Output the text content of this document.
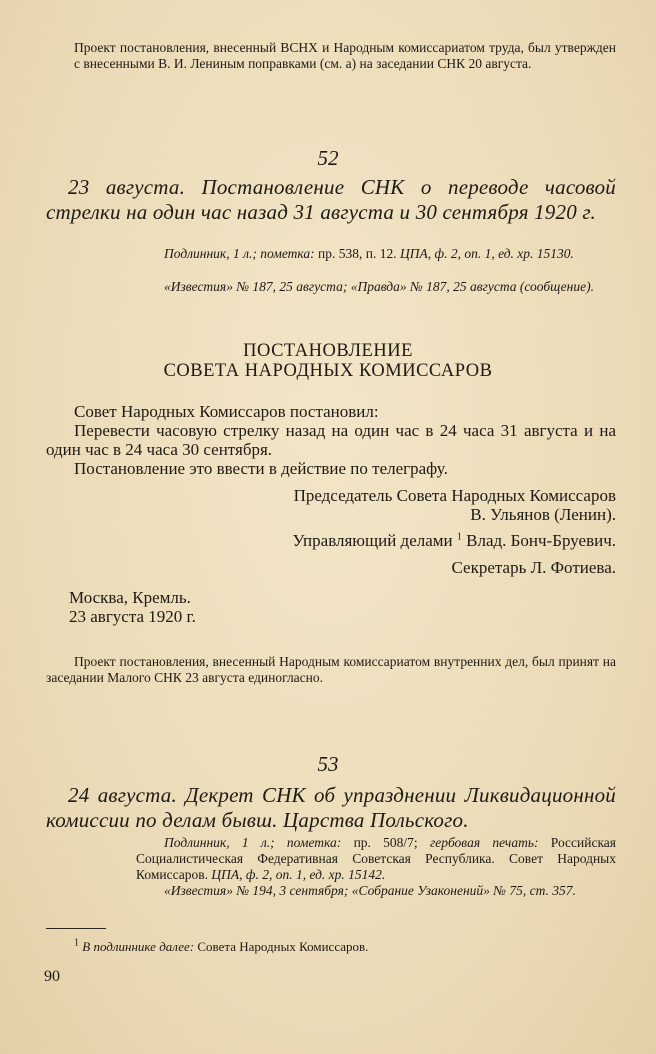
Проект постановления, внесенный ВСНХ и Народным комиссариатом труда, был утвержден с внесенными В. И. Лениным поправками (см. а) на заседании СНК 20 августа.

52

23 августа. Постановление СНК о переводе часовой стрелки на один час назад 31 августа и 30 сентября 1920 г.

Подлинник, 1 л.; пометка: пр. 538, п. 12. ЦПА, ф. 2, оп. 1, ед. хр. 15130.
«Известия» № 187, 25 августа; «Правда» № 187, 25 августа (сообщение).
ПОСТАНОВЛЕНИЕ
СОВЕТА НАРОДНЫХ КОМИССАРОВ

Совет Народных Комиссаров постановил:

Перевести часовую стрелку назад на один час в 24 часа 31 августа и на один час в 24 часа 30 сентября.

Постановление это ввести в действие по телеграфу.

Председатель Совета Народных Комиссаров
В. Ульянов (Ленин).
Управляющий делами $^1$ Влад. Бонч-Бруевич.
Секретарь Л. Фотиева.
Москва, Кремль.
23 августа 1920 г.

Проект постановления, внесенный Народным комиссариатом внутренних дел, был принят на заседании Малого СНК 23 августа единогласно.

53

24 августа. Декрет СНК об упразднении Ликвидационной комиссии по делам бывш. Царства Польского.

Подлинник, 1 л.; пометка: пр. 508/7; гербовая печать: Российская Социалистическая Федеративная Советская Республика. Совет Народных Комиссаров. ЦПА, ф. 2, оп. 1, ед. хр. 15142.
«Известия» № 194, 3 сентября; «Собрание Узаконений» № 75, ст. 357.
$^1$ В подлиннике далее: Совета Народных Комиссаров.
90
